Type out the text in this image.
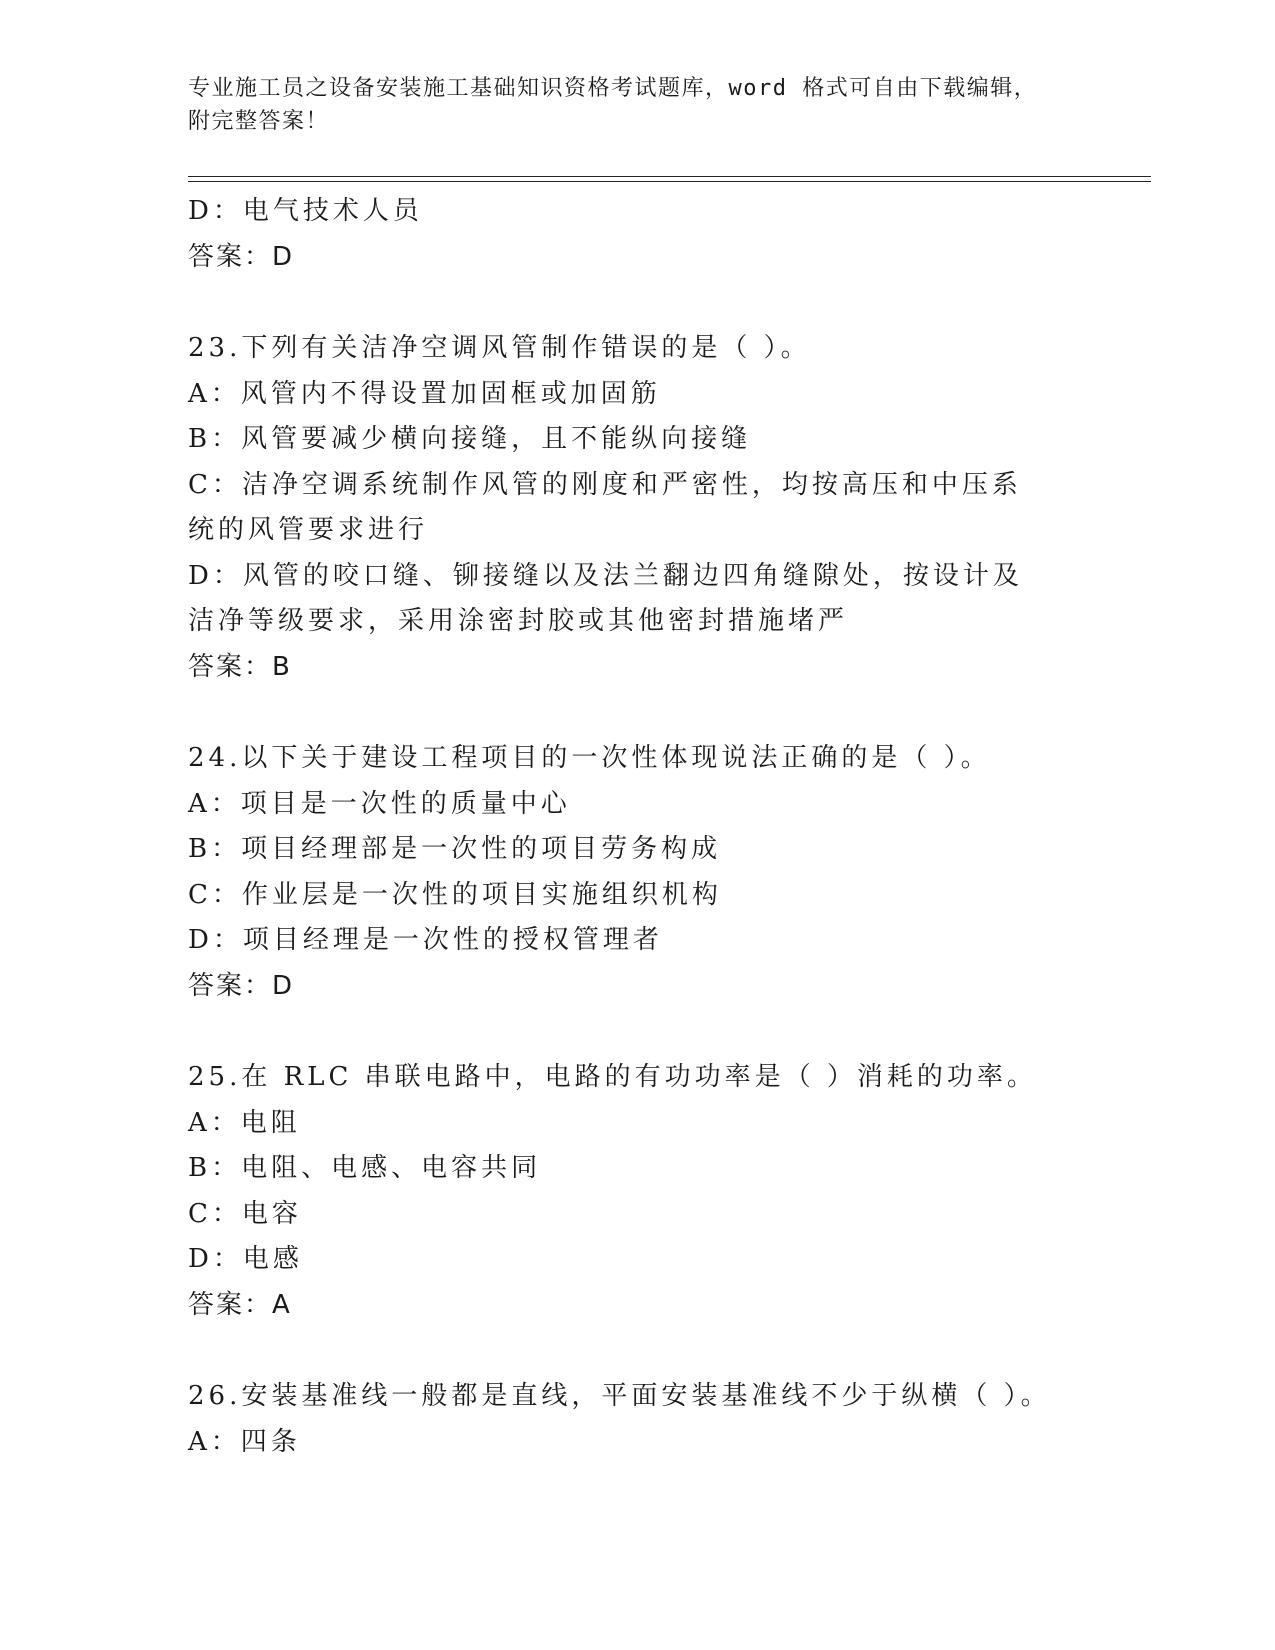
专业施工员之设备安装施工基础知识资格考试题库，word 格式可自由下载编辑，

附完整答案！

D：电气技术人员

答案：D

23.下列有关洁净空调风管制作错误的是（ ）。

A：风管内不得设置加固框或加固筋

B：风管要减少横向接缝，且不能纵向接缝

C：洁净空调系统制作风管的刚度和严密性，均按高压和中压系统的风管要求进行

D：风管的咬口缝、铆接缝以及法兰翻边四角缝隙处，按设计及洁净等级要求，采用涂密封胶或其他密封措施堵严

答案：B

24.以下关于建设工程项目的一次性体现说法正确的是（ ）。

A：项目是一次性的质量中心

B：项目经理部是一次性的项目劳务构成

C：作业层是一次性的项目实施组织机构

D：项目经理是一次性的授权管理者

答案：D

25.在 RLC 串联电路中，电路的有功功率是（ ）消耗的功率。

A：电阻

B：电阻、电感、电容共同

C：电容

D：电感

答案：A

26.安装基准线一般都是直线，平面安装基准线不少于纵横（ ）。

A：四条
